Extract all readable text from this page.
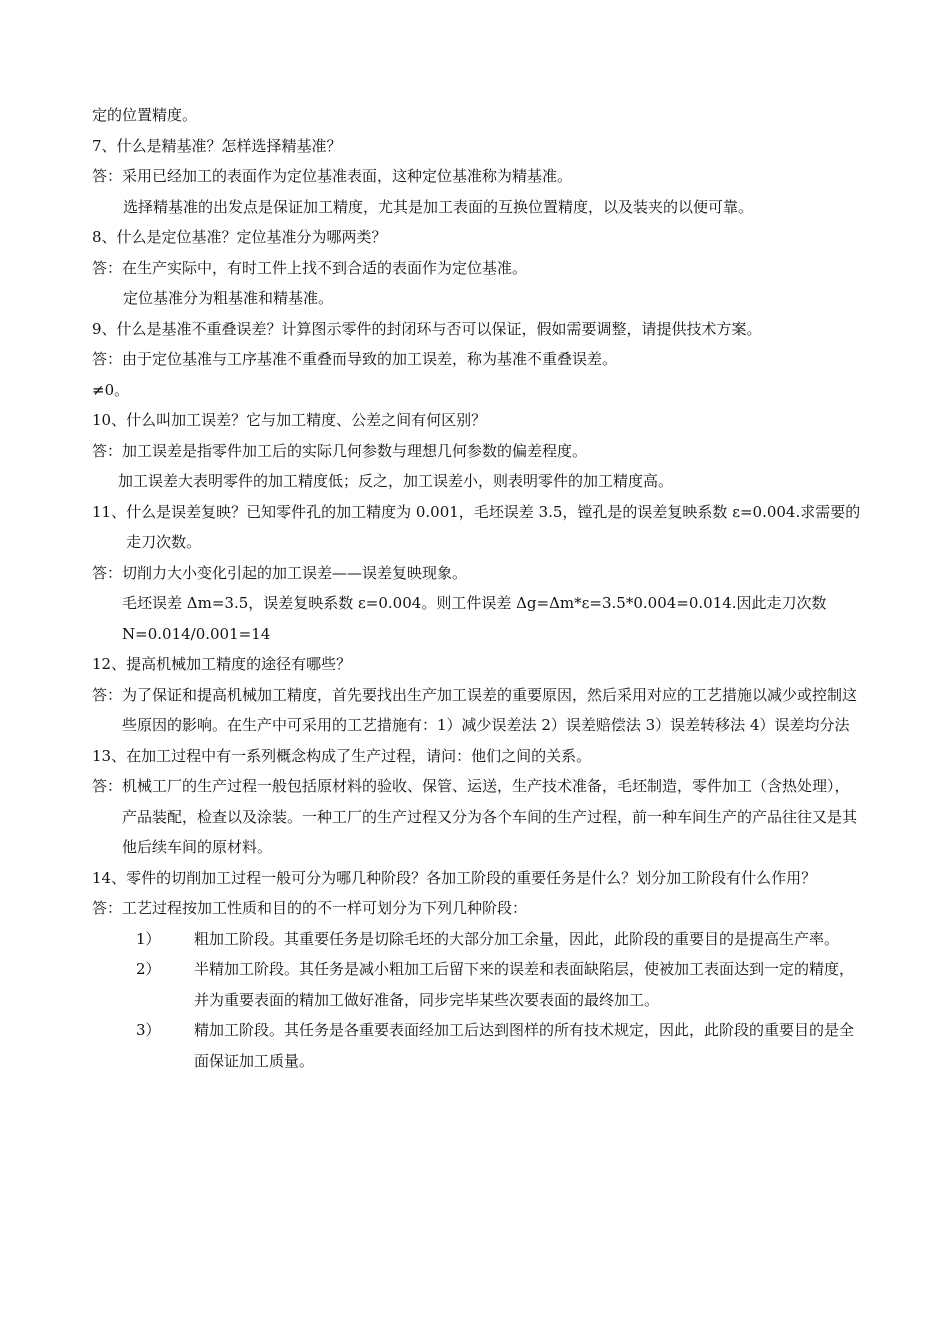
定的位置精度。
7、什么是精基准？怎样选择精基准？
答：采用已经加工的表面作为定位基准表面，这种定位基准称为精基准。
选择精基准的出发点是保证加工精度，尤其是加工表面的互换位置精度，以及装夹的以便可靠。
8、什么是定位基准？定位基准分为哪两类？
答：在生产实际中，有时工件上找不到合适的表面作为定位基准。
定位基准分为粗基准和精基准。
9、什么是基准不重叠误差？计算图示零件的封闭环与否可以保证，假如需要调整，请提供技术方案。
答：由于定位基准与工序基准不重叠而导致的加工误差，称为基准不重叠误差。
≠0。
10、什么叫加工误差？它与加工精度、公差之间有何区别？
答：加工误差是指零件加工后的实际几何参数与理想几何参数的偏差程度。
加工误差大表明零件的加工精度低；反之，加工误差小，则表明零件的加工精度高。
11、 什么是误差复映？已知零件孔的加工精度为 0.001，毛坯误差 3.5，镗孔是的误差复映系数 ε=0.004.求需要的走刀次数。
答： 切削力大小变化引起的加工误差——误差复映现象。
毛坯误差 Δm=3.5，误差复映系数 ε=0.004。则工件误差 Δg=Δm*ε=3.5*0.004=0.014.因此走刀次数N=0.014/0.001=14
12、 提高机械加工精度的途径有哪些？
答： 为了保证和提高机械加工精度，首先要找出生产加工误差的重要原因，然后采用对应的工艺措施以减少或控制这些原因的影响。在生产中可采用的工艺措施有：1）减少误差法 2）误差赔偿法 3）误差转移法 4）误差均分法
13、 在加工过程中有一系列概念构成了生产过程，请问：他们之间的关系。
答： 机械工厂的生产过程一般包括原材料的验收、保管、运送，生产技术准备，毛坯制造，零件加工（含热处理），产品装配，检查以及涂装。一种工厂的生产过程又分为各个车间的生产过程，前一种车间生产的产品往往又是其他后续车间的原材料。
14、 零件的切削加工过程一般可分为哪几种阶段？各加工阶段的重要任务是什么？划分加工阶段有什么作用？
答： 工艺过程按加工性质和目的的不一样可划分为下列几种阶段：
1）	粗加工阶段。其重要任务是切除毛坯的大部分加工余量，因此，此阶段的重要目的是提高生产率。
2）	半精加工阶段。其任务是减小粗加工后留下来的误差和表面缺陷层，使被加工表面达到一定的精度，并为重要表面的精加工做好准备，同步完毕某些次要表面的最终加工。
3）	精加工阶段。其任务是各重要表面经加工后达到图样的所有技术规定，因此，此阶段的重要目的是全面保证加工质量。
